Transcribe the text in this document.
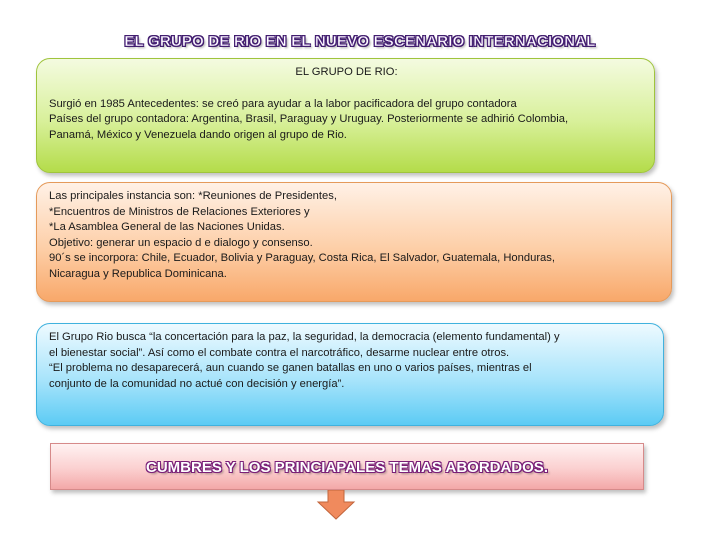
EL GRUPO DE RIO EN EL NUEVO ESCENARIO INTERNACIONAL
EL GRUPO DE RIO:

Surgió en 1985 Antecedentes: se creó para ayudar a la labor pacificadora del grupo contadora
Países del grupo contadora: Argentina, Brasil, Paraguay y Uruguay. Posteriormente se adhirió Colombia,
Panamá, México y Venezuela dando origen al grupo de Rio.

Las principales instancia son: *Reuniones de Presidentes,
*Encuentros de Ministros de Relaciones Exteriores y
*La Asamblea General de las Naciones Unidas.
Objetivo: generar un espacio d e dialogo y consenso.
90´s se incorpora: Chile, Ecuador, Bolivia y Paraguay, Costa Rica, El Salvador, Guatemala, Honduras,
Nicaragua y Republica Dominicana.

El Grupo Rio busca “la concertación para la paz, la seguridad, la democracia (elemento fundamental) y
el bienestar social”. Así como el combate contra el narcotráfico, desarme nuclear entre otros.
“El problema no desaparecerá, aun cuando se ganen batallas en uno o varios países, mientras el
conjunto de la comunidad no actué con decisión y energía”.

CUMBRES Y LOS PRINCIAPALES TEMAS ABORDADOS.
